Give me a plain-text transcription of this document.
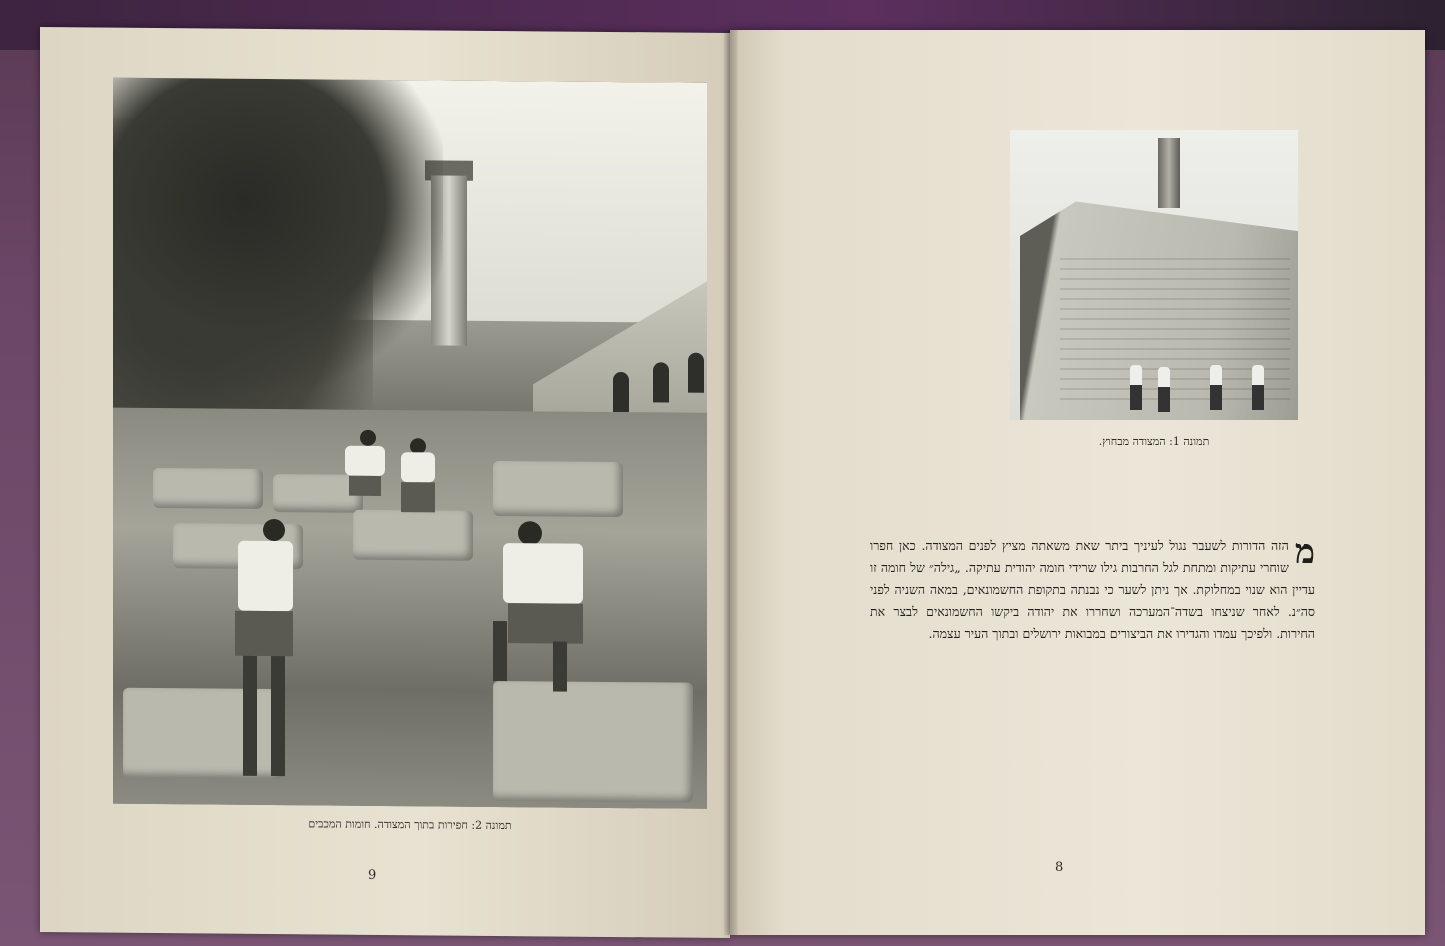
תמונה 2: חפירות בתוך המצודה. חומות המכבים
9
תמונה 1: המצודה מבחוץ.
מ
הזה הדורות לשעבר נגול לעיניך ביתר שאת משאתה מציץ לפנים המצודה. כאן חפרו שוחרי עתיקות ומתחת לגל החרבות גילו שרידי חומה יהודית עתיקה. „גילה״ של חומה זו עדיין הוא שנוי במחלוקת. אך ניתן לשער כי נבנתה בתקופת החשמונאים, במאה השניה לפני סה״נ. לאחר שניצחו בשדה־המערכה ושחררו את יהודה ביקשו החשמונאים לבצר את החירות. ולפיכך עמדו והגדירו את הביצורים במבואות ירושלים ובתוך העיר עצמה.
8
